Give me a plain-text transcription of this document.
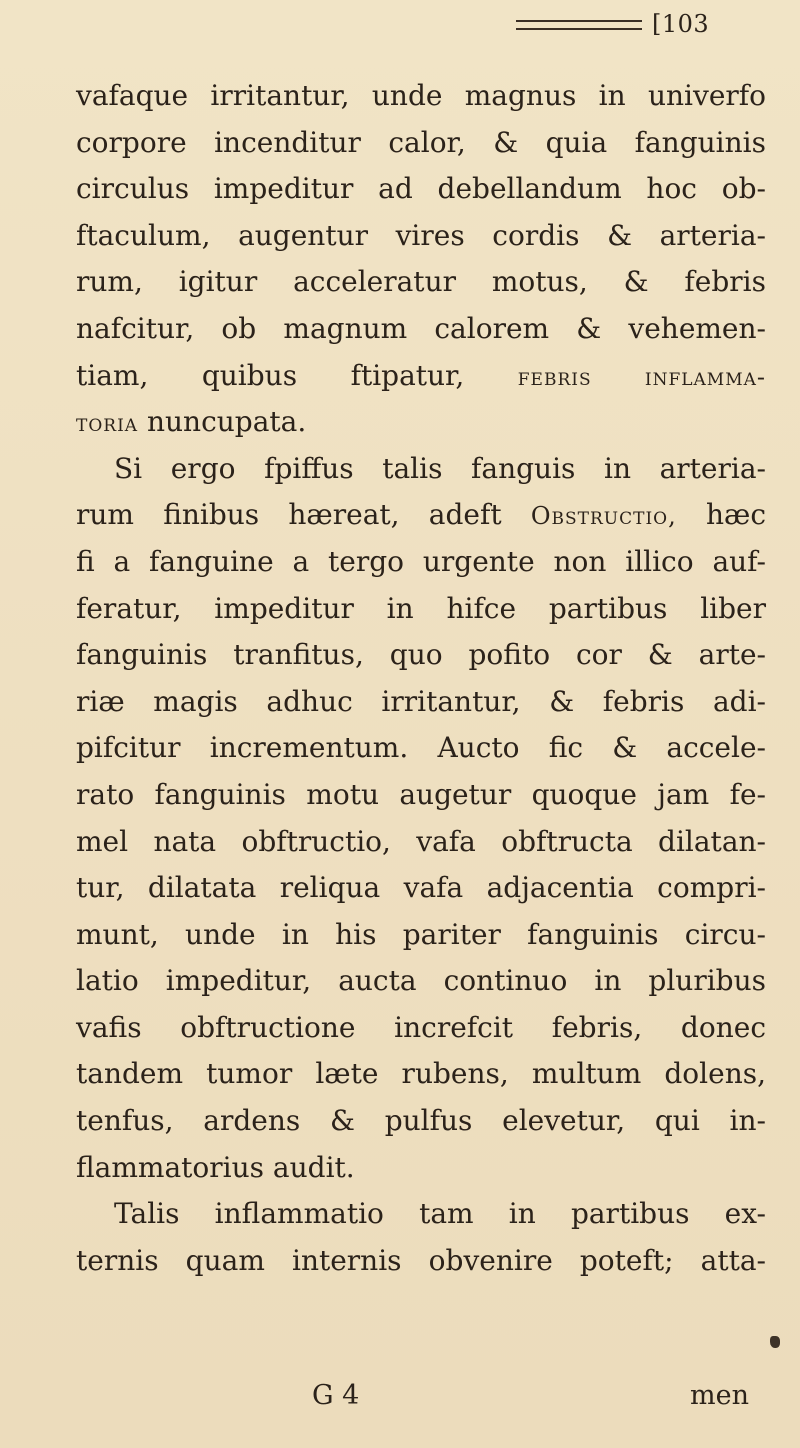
[103
vafaque irritantur, unde magnus in univerfo
corpore incenditur calor, & quia fanguinis
circulus impeditur ad debellandum hoc ob-
ftaculum, augentur vires cordis & arteria-
rum, igitur acceleratur motus, & febris
nafcitur, ob magnum calorem & vehemen-
tiam, quibus ftipatur, febris inflamma-
toria nuncupata.
Si ergo fpiffus talis fanguis in arteria-
rum finibus hæreat, adeft Obstructio, hæc
fi a fanguine a tergo urgente non illico auf-
feratur, impeditur in hifce partibus liber
fanguinis tranfitus, quo pofito cor & arte-
riæ magis adhuc irritantur, & febris adi-
pifcitur incrementum. Aucto fic & accele-
rato fanguinis motu augetur quoque jam fe-
mel nata obftructio, vafa obftructa dilatan-
tur, dilatata reliqua vafa adjacentia compri-
munt, unde in his pariter fanguinis circu-
latio impeditur, aucta continuo in pluribus
vafis obftructione increfcit febris, donec
tandem tumor læte rubens, multum dolens,
tenfus, ardens & pulfus elevetur, qui in-
flammatorius audit.
Talis inflammatio tam in partibus ex-
ternis quam internis obvenire poteft; atta-
G 4	men
